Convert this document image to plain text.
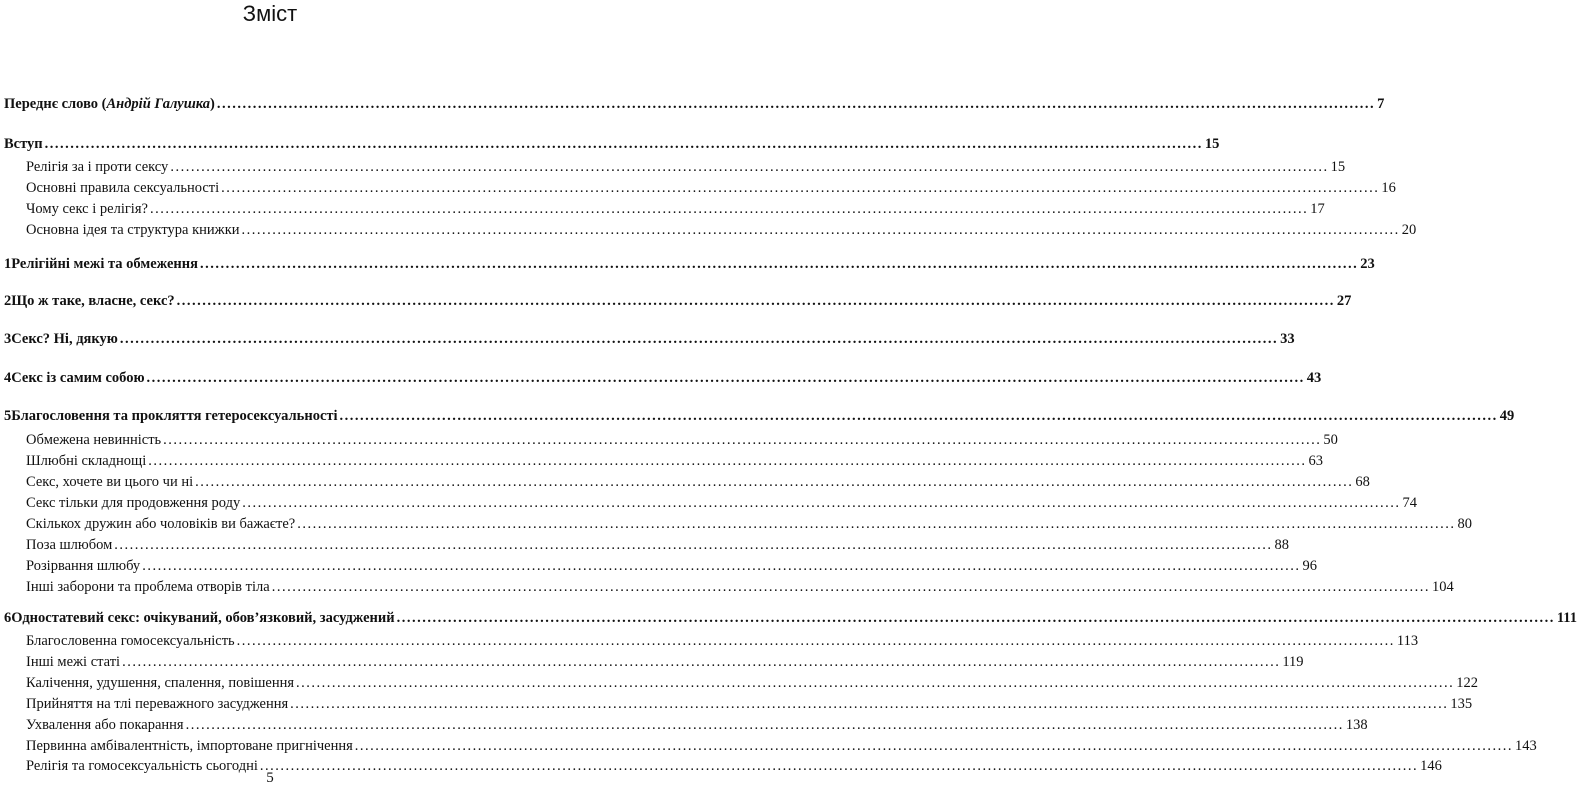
Зміст
Переднє слово (Андрій Галушка) .....	7
Вступ .....	15
Релігія за і проти сексу .....	15
Основні правила сексуальності .....	16
Чому секс і релігія? .....	17
Основна ідея та структура книжки .....	20
1 Релігійні межі та обмеження .....	23
2 Що ж таке, власне, секс? .....	27
3 Секс? Ні, дякую .....	33
4 Секс із самим собою .....	43
5 Благословення та прокляття гетеросексуальності .....	49
Обмежена невинність .....	50
Шлюбні складнощі .....	63
Секс, хочете ви цього чи ні .....	68
Секс тільки для продовження роду .....	74
Скількох дружин або чоловіків ви бажаєте? .....	80
Поза шлюбом .....	88
Розірвання шлюбу .....	96
Інші заборони та проблема отворів тіла .....	104
6 Одностатевий секс: очікуваний, обов’язковий, засуджений .....	111
Благословенна гомосексуальність .....	113
Інші межі статі .....	119
Калічення, удушення, спалення, повішення .....	122
Прийняття на тлі переважного засудження .....	135
Ухвалення або покарання .....	138
Первинна амбівалентність, імпортоване пригнічення .....	143
Релігія та гомосексуальність сьогодні .....	146
5
